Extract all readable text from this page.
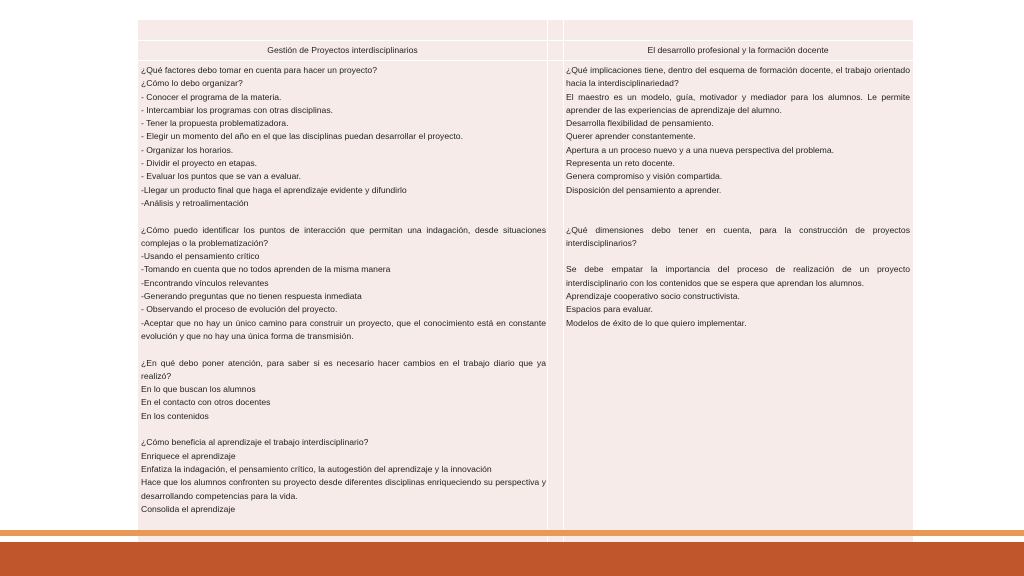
Gestión de Proyectos interdisciplinarios	El desarrollo profesional y la formación docente

¿Qué factores debo tomar en cuenta para hacer un proyecto?

¿Cómo lo debo organizar?

- Conocer el programa de la materia.

- Intercambiar los programas con otras disciplinas.

- Tener la propuesta problematizadora.

- Elegir un momento del año en el que las disciplinas puedan desarrollar el proyecto.

- Organizar los horarios.

- Dividir el proyecto en etapas.

- Evaluar los puntos que se van a evaluar.

-Llegar un producto final que haga el aprendizaje evidente y difundirlo

-Análisis y retroalimentación

¿Cómo puedo identificar los puntos de interacción que permitan una indagación, desde situaciones complejas o la problematización?

-Usando el pensamiento crítico

-Tomando en cuenta que no todos aprenden de la misma manera

-Encontrando vínculos relevantes

-Generando preguntas que no tienen respuesta inmediata

- Observando el proceso de evolución del proyecto.

-Aceptar que no hay un único camino para construir un proyecto, que el conocimiento está en constante evolución y que no hay una única forma de transmisión.

¿En qué debo poner atención, para saber si es necesario hacer cambios en el trabajo diario que ya realizó?

En lo que buscan los alumnos

En el contacto con otros docentes

En los contenidos

¿Cómo beneficia al aprendizaje el trabajo interdisciplinario?

Enriquece el aprendizaje

Enfatiza la indagación, el pensamiento crítico, la autogestión del aprendizaje y la innovación

Hace que los alumnos confronten su proyecto desde diferentes disciplinas enriqueciendo su perspectiva y desarrollando competencias para la vida.

Consolida el aprendizaje

¿Qué implicaciones tiene, dentro del esquema de formación docente, el trabajo orientado hacia la interdisciplinariedad?

El maestro es un modelo, guía, motivador y mediador para los alumnos. Le permite aprender de las experiencias de aprendizaje del alumno.

Desarrolla flexibilidad de pensamiento.

Querer aprender constantemente.

Apertura a un proceso nuevo y a una nueva perspectiva del problema.

Representa un reto docente.

Genera compromiso y visión compartida.

Disposición del pensamiento a aprender.

¿Qué dimensiones debo tener en cuenta, para la construcción de proyectos interdisciplinarios?

Se debe empatar la importancia del proceso de realización de un proyecto interdisciplinario con los contenidos que se espera que aprendan los alumnos.

Aprendizaje cooperativo socio constructivista.

Espacios para evaluar.

Modelos de éxito de lo que quiero implementar.
